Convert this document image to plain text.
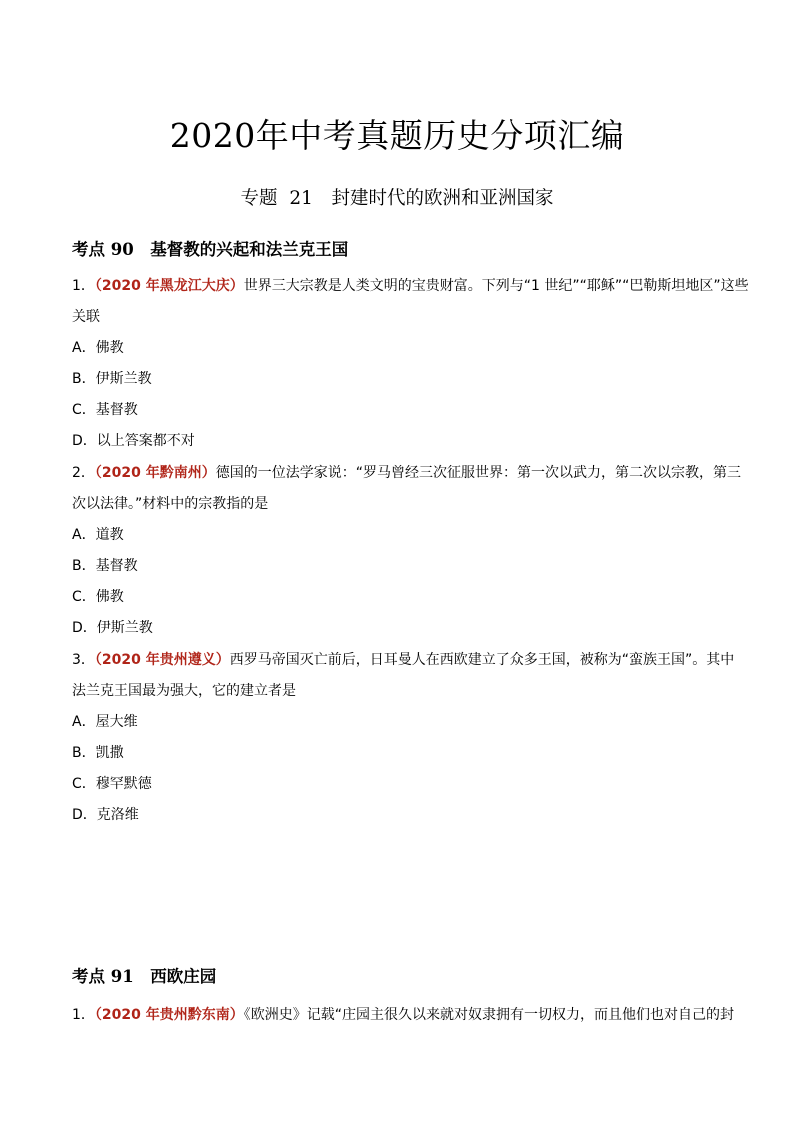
2020年中考真题历史分项汇编
专题 21　封建时代的欧洲和亚洲国家
考点 90　基督教的兴起和法兰克王国
1．（2020 年黑龙江大庆）世界三大宗教是人类文明的宝贵财富。下列与“1 世纪”“耶稣”“巴勒斯坦地区”这些
关联
A．佛教
B．伊斯兰教
C．基督教
D．以上答案都不对
2．（2020 年黔南州）德国的一位法学家说：“罗马曾经三次征服世界：第一次以武力，第二次以宗教，第三
次以法律。”材料中的宗教指的是
A．道教
B．基督教
C．佛教
D．伊斯兰教
3．（2020 年贵州遵义）西罗马帝国灭亡前后，日耳曼人在西欧建立了众多王国，被称为“蛮族王国”。其中
法兰克王国最为强大，它的建立者是
A．屋大维
B．凯撒
C．穆罕默德
D．克洛维
考点 91　西欧庄园
1．（2020 年贵州黔东南）《欧洲史》记载“庄园主很久以来就对奴隶拥有一切权力，而且他们也对自己的封
